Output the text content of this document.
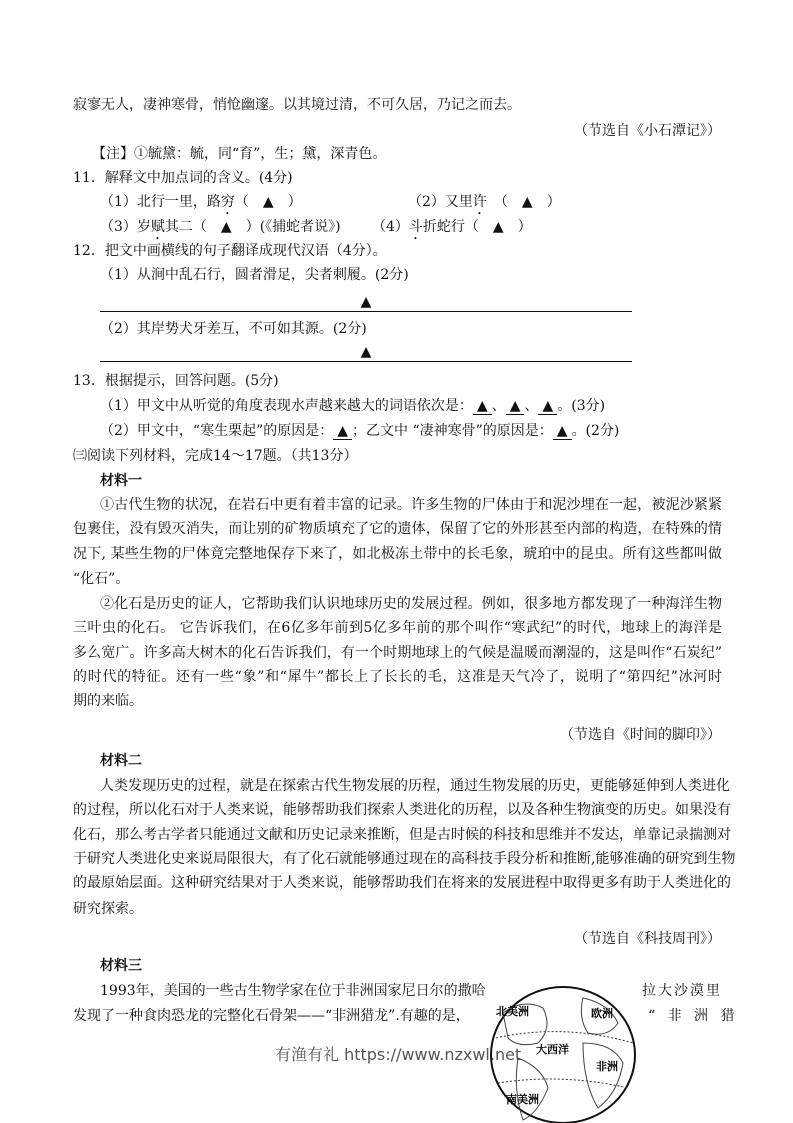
寂寥无人，凄神寒骨，悄怆幽邃。以其境过清，不可久居，乃记之而去。
（节选自《小石潭记》）
【注】①毓黛：毓，同“育”，生；黛，深青色。
11．解释文中加点词的含义。(4分)
（1）北行一里，路穷（　▲　）	（2）又里许　（　▲　）
（3）岁赋其二（　▲　）(《捕蛇者说》) （4）斗折蛇行（　▲　）
12．把文中画横线的句子翻译成现代汉语（4分）。
（1）从涧中乱石行，圆者滑足，尖者刺履。(2分)
▲
（2）其岸势犬牙差互，不可如其源。(2分)
▲
13．根据提示，回答问题。(5分)
（1）甲文中从听觉的角度表现水声越来越大的词语依次是： ▲ 、 ▲ 、 ▲ 。(3分)
（2）甲文中，“寒生栗起”的原因是： ▲ ；乙文中 “凄神寒骨”的原因是： ▲ 。(2分)
㈢阅读下列材料，完成14～17题。（共13分）
材料一
①古代生物的状况，在岩石中更有着丰富的记录。许多生物的尸体由于和泥沙埋在一起，被泥沙紧紧
包裹住，没有毁灭消失，而让别的矿物质填充了它的遗体，保留了它的外形甚至内部的构造，在特殊的情
况下, 某些生物的尸体竟完整地保存下来了，如北极冻土带中的长毛象，琥珀中的昆虫。所有这些都叫做
“化石”。
②化石是历史的证人，它帮助我们认识地球历史的发展过程。例如，很多地方都发现了一种海洋生物
三叶虫的化石。 它告诉我们，在6亿多年前到5亿多年前的那个叫作“寒武纪”的时代，地球上的海洋是
多么宽广。许多高大树木的化石告诉我们，有一个时期地球上的气候是温暖而潮湿的，这是叫作“石炭纪”
的时代的特征。还有一些“象”和“犀牛”都长上了长长的毛，这准是天气冷了，说明了“第四纪”冰河时
期的来临。
（节选自《时间的脚印》）
材料二
人类发现历史的过程，就是在探索古代生物发展的历程，通过生物发展的历史，更能够延伸到人类进化
的过程，所以化石对于人类来说，能够帮助我们探索人类进化的历程，以及各种生物演变的历史。如果没有
化石，那么考古学者只能通过文献和历史记录来推断，但是古时候的科技和思维并不发达，单靠记录揣测对
于研究人类进化史来说局限很大，有了化石就能够通过现在的高科技手段分析和推断,能够准确的研究到生物
的最原始层面。这种研究结果对于人类来说，能够帮助我们在将来的发展进程中取得更多有助于人类进化的
研究探索。
（节选自《科技周刊》）
材料三
1993年，美国的一些古生物学家在位于非洲国家尼日尔的撒哈	拉大沙漠里
发现了一种食肉恐龙的完整化石骨架——“非洲猎龙”.有趣的是，	“ 非 洲 猎
有渔有礼 https://www.nzxwl.net
北美洲	欧洲
大西洋
非洲
南美洲
